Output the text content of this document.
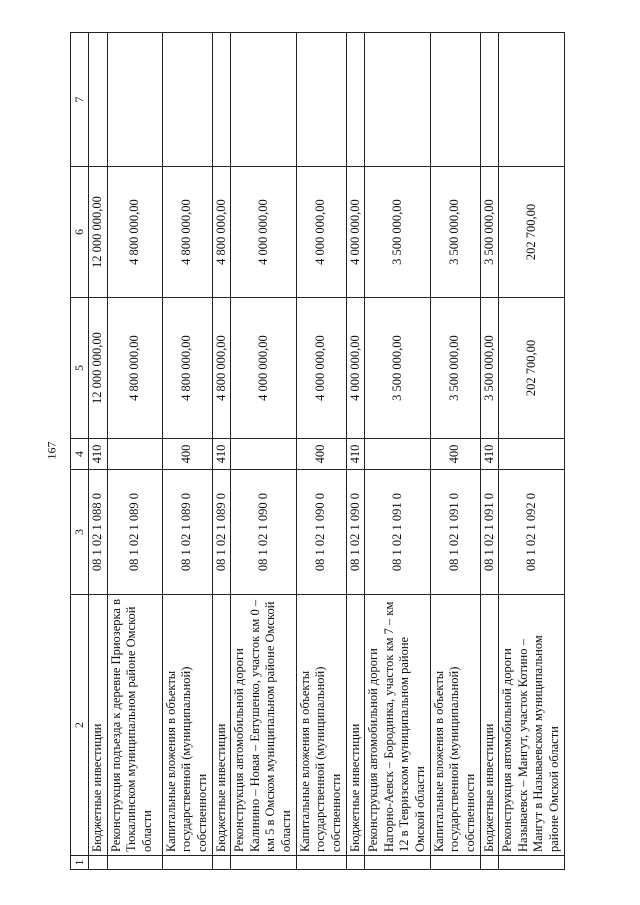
167
1	2	3	4	5	6	7
	Бюджетные инвестиции	08 1 02 1 088 0	410	12 000 000,00	12 000 000,00	
	Реконструкция подъезда к деревне Приозерка в Тюкалинском муниципальном районе Омской области	08 1 02 1 089 0		4 800 000,00	4 800 000,00	
	Капитальные вложения в объекты государственной (муниципальной) собственности	08 1 02 1 089 0	400	4 800 000,00	4 800 000,00	
	Бюджетные инвестиции	08 1 02 1 089 0	410	4 800 000,00	4 800 000,00	
	Реконструкция автомобильной дороги Калинино – Новая – Евтушенко, участок км 0 – км 5 в Омском муниципальном районе Омской области	08 1 02 1 090 0		4 000 000,00	4 000 000,00	
	Капитальные вложения в объекты государственной (муниципальной) собственности	08 1 02 1 090 0	400	4 000 000,00	4 000 000,00	
	Бюджетные инвестиции	08 1 02 1 090 0	410	4 000 000,00	4 000 000,00	
	Реконструкция автомобильной дороги Нагорно-Аевск – Бородинка, участок км 7 – км 12 в Тевризском муниципальном районе Омской области	08 1 02 1 091 0		3 500 000,00	3 500 000,00	
	Капитальные вложения в объекты государственной (муниципальной) собственности	08 1 02 1 091 0	400	3 500 000,00	3 500 000,00	
	Бюджетные инвестиции	08 1 02 1 091 0	410	3 500 000,00	3 500 000,00	
	Реконструкция автомобильной дороги Называевск – Мангут, участок Котино – Мангут в Называевском муниципальном районе Омской области	08 1 02 1 092 0		202 700,00	202 700,00	
